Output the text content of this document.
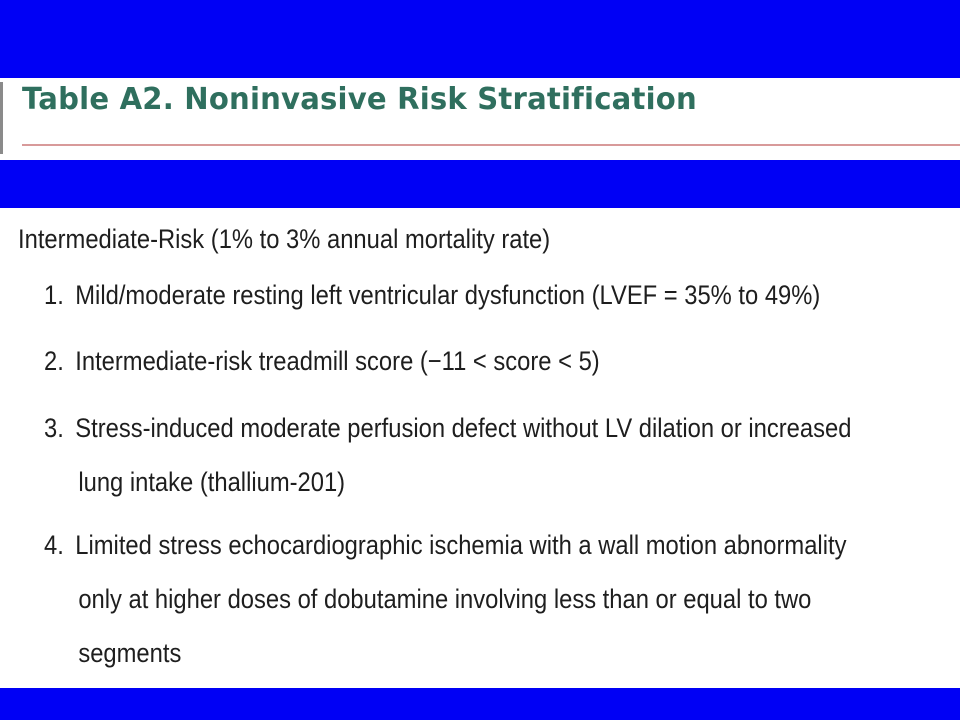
Table A2. Noninvasive Risk Stratification
Intermediate-Risk (1% to 3% annual mortality rate)
1. Mild/moderate resting left ventricular dysfunction (LVEF = 35% to 49%)
2. Intermediate-risk treadmill score (−11 < score < 5)
3. Stress-induced moderate perfusion defect without LV dilation or increased
lung intake (thallium-201)
4. Limited stress echocardiographic ischemia with a wall motion abnormality
only at higher doses of dobutamine involving less than or equal to two
segments
